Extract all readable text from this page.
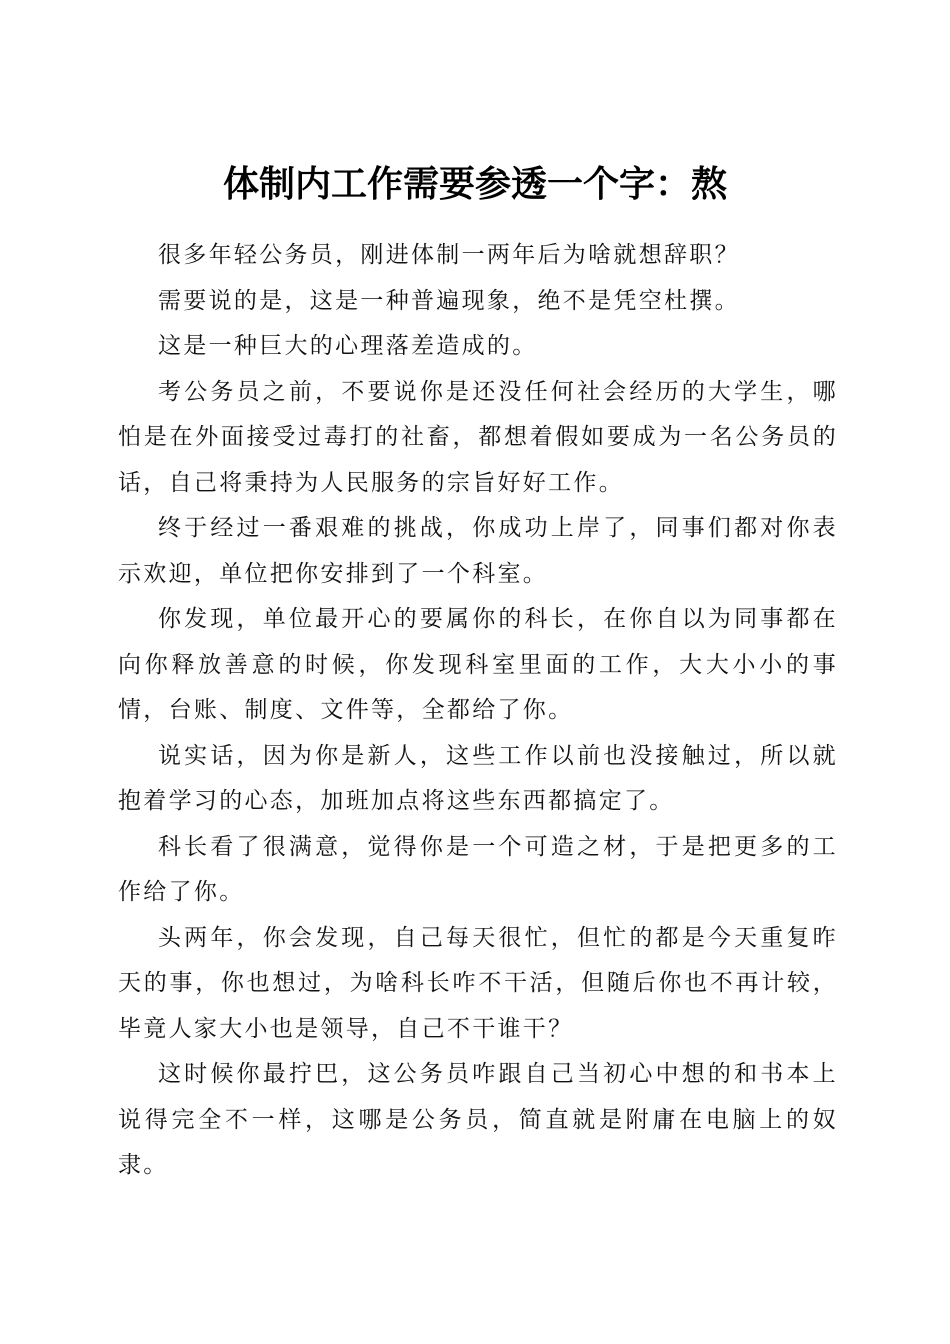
体制内工作需要参透一个字：熬

很多年轻公务员，刚进体制一两年后为啥就想辞职？

需要说的是，这是一种普遍现象，绝不是凭空杜撰。

这是一种巨大的心理落差造成的。

考公务员之前，不要说你是还没任何社会经历的大学生，哪怕是在外面接受过毒打的社畜，都想着假如要成为一名公务员的话，自己将秉持为人民服务的宗旨好好工作。

终于经过一番艰难的挑战，你成功上岸了，同事们都对你表示欢迎，单位把你安排到了一个科室。

你发现，单位最开心的要属你的科长，在你自以为同事都在向你释放善意的时候，你发现科室里面的工作，大大小小的事情，台账、制度、文件等，全都给了你。

说实话，因为你是新人，这些工作以前也没接触过，所以就抱着学习的心态，加班加点将这些东西都搞定了。

科长看了很满意，觉得你是一个可造之材，于是把更多的工作给了你。

头两年，你会发现，自己每天很忙，但忙的都是今天重复昨天的事，你也想过，为啥科长咋不干活，但随后你也不再计较，毕竟人家大小也是领导，自己不干谁干？

这时候你最拧巴，这公务员咋跟自己当初心中想的和书本上说得完全不一样，这哪是公务员，简直就是附庸在电脑上的奴隶。
